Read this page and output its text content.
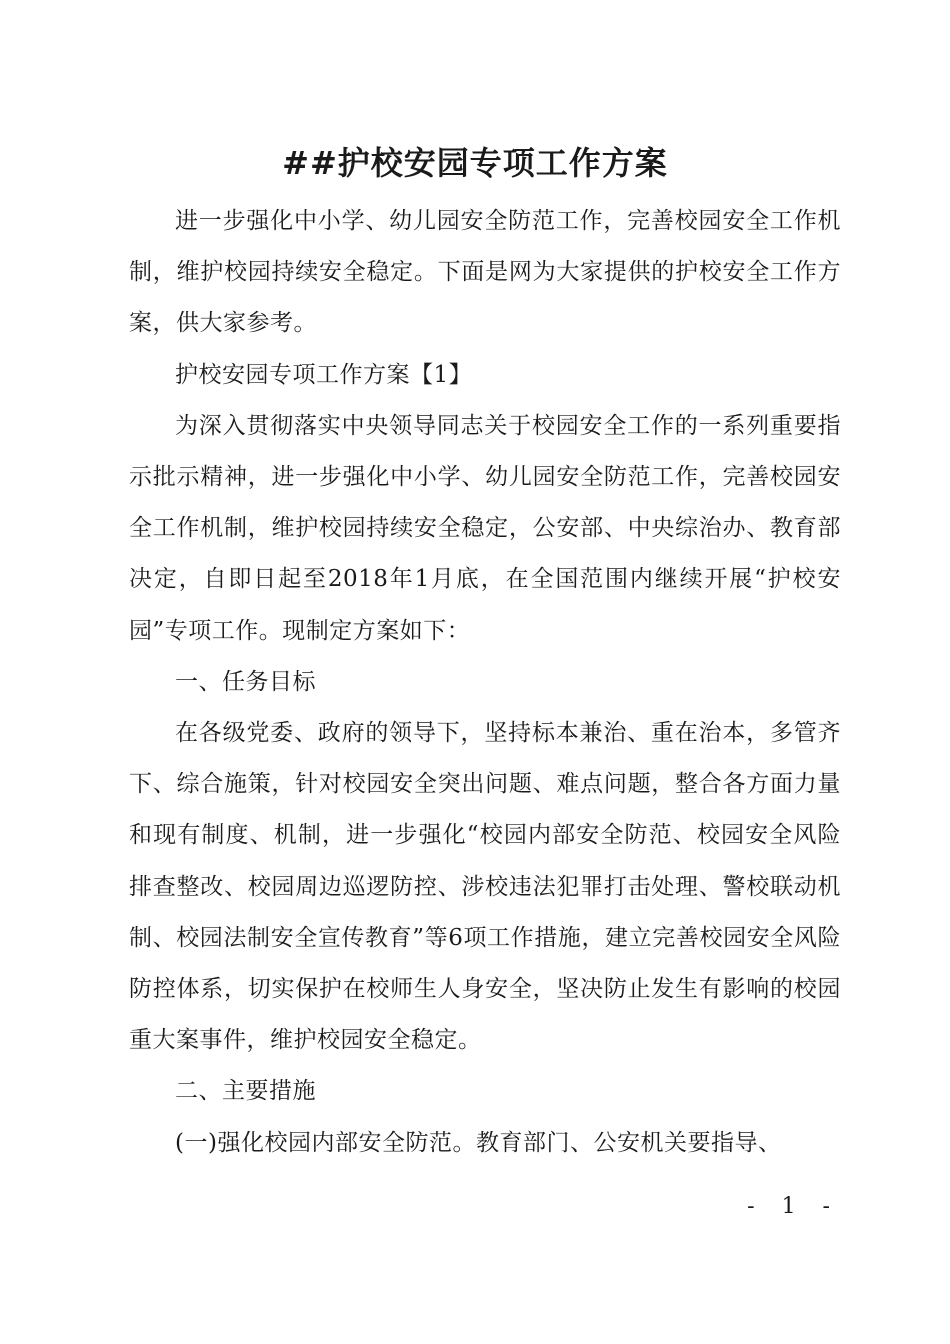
##护校安园专项工作方案

进一步强化中小学、幼儿园安全防范工作，完善校园安全工作机制，维护校园持续安全稳定。下面是网为大家提供的护校安全工作方案，供大家参考。

护校安园专项工作方案【1】

为深入贯彻落实中央领导同志关于校园安全工作的一系列重要指示批示精神，进一步强化中小学、幼儿园安全防范工作，完善校园安全工作机制，维护校园持续安全稳定，公安部、中央综治办、教育部决定，自即日起至2018年1月底，在全国范围内继续开展“护校安园”专项工作。现制定方案如下：

一、任务目标

在各级党委、政府的领导下，坚持标本兼治、重在治本，多管齐下、综合施策，针对校园安全突出问题、难点问题，整合各方面力量和现有制度、机制，进一步强化“校园内部安全防范、校园安全风险排查整改、校园周边巡逻防控、涉校违法犯罪打击处理、警校联动机制、校园法制安全宣传教育”等6项工作措施，建立完善校园安全风险防控体系，切实保护在校师生人身安全，坚决防止发生有影响的校园重大案事件，维护校园安全稳定。

二、主要措施

(一)强化校园内部安全防范。教育部门、公安机关要指导、

- 1 -
